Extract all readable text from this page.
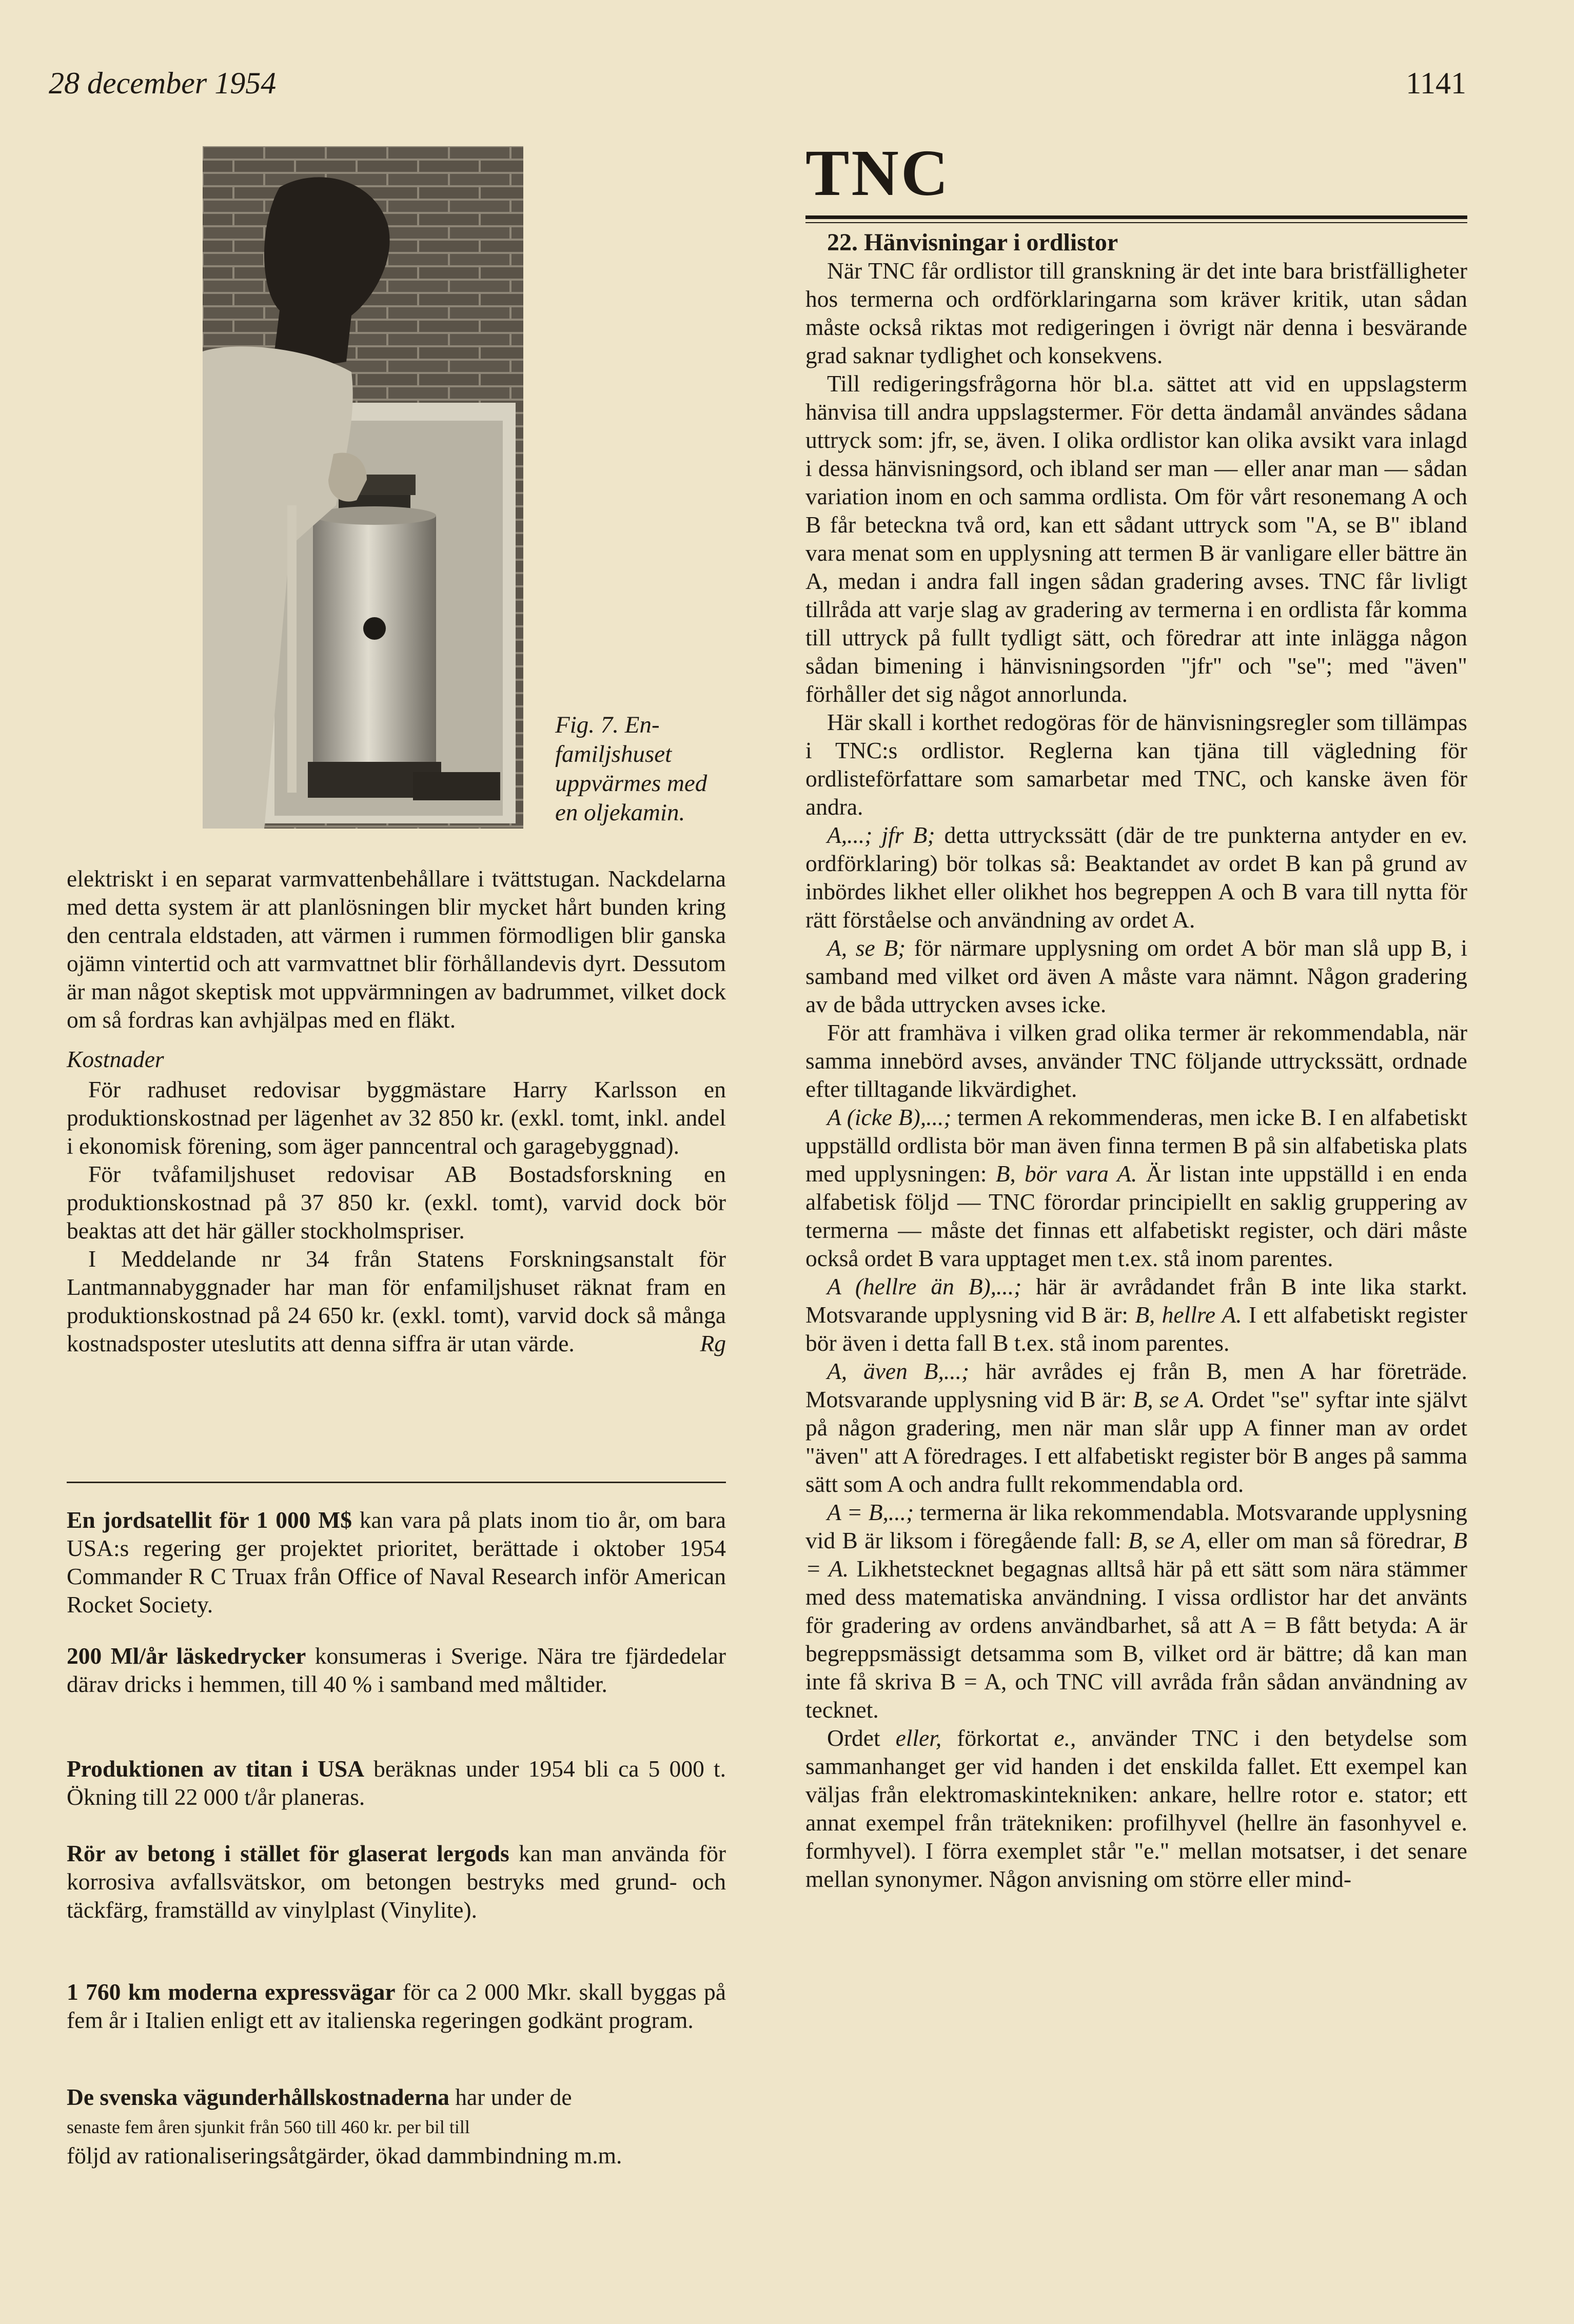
28 december 1954	1141
Fig. 7. En-
familjshuset
uppvärmes med
en oljekamin.

elektriskt i en separat varmvattenbehållare i tvättstugan. Nackdelarna med detta system är att planlösningen blir mycket hårt bunden kring den centrala eldstaden, att värmen i rummen förmodligen blir ganska ojämn vintertid och att varmvattnet blir förhållandevis dyrt. Dessutom är man något skeptisk mot uppvärmningen av badrummet, vilket dock om så fordras kan avhjälpas med en fläkt.

Kostnader

För radhuset redovisar byggmästare Harry Karlsson en produktionskostnad per lägenhet av 32 850 kr. (exkl. tomt, inkl. andel i ekonomisk förening, som äger panncentral och garagebyggnad).

För tvåfamiljshuset redovisar AB Bostadsforskning en produktionskostnad på 37 850 kr. (exkl. tomt), varvid dock bör beaktas att det här gäller stockholmspriser.

I Meddelande nr 34 från Statens Forskningsanstalt för Lantmannabyggnader har man för enfamiljshuset räknat fram en produktionskostnad på 24 650 kr. (exkl. tomt), varvid dock så många kostnadsposter uteslutits att denna siffra är utan värde.	Rg

En jordsatellit för 1 000 M$ kan vara på plats inom tio år, om bara USA:s regering ger projektet prioritet, berättade i oktober 1954 Commander R C Truax från Office of Naval Research inför American Rocket Society.
200 Ml/år läskedrycker konsumeras i Sverige. Nära tre fjärdedelar därav dricks i hemmen, till 40 % i samband med måltider.
Produktionen av titan i USA beräknas under 1954 bli ca 5 000 t. Ökning till 22 000 t/år planeras.
Rör av betong i stället för glaserat lergods kan man använda för korrosiva avfallsvätskor, om betongen bestryks med grund- och täckfärg, framställd av vinylplast (Vinylite).
1 760 km moderna expressvägar för ca 2 000 Mkr. skall byggas på fem år i Italien enligt ett av italienska regeringen godkänt program.
De svenska vägunderhållskostnaderna har under de
senaste fem åren sjunkit från 560 till 460 kr. per bil till
följd av rationaliseringsåtgärder, ökad dammbindning m.m.
TNC

22. Hänvisningar i ordlistor

När TNC får ordlistor till granskning är det inte bara bristfälligheter hos termerna och ordförklaringarna som kräver kritik, utan sådan måste också riktas mot redigeringen i övrigt när denna i besvärande grad saknar tydlighet och konsekvens.

Till redigeringsfrågorna hör bl.a. sättet att vid en uppslagsterm hänvisa till andra uppslagstermer. För detta ändamål användes sådana uttryck som: jfr, se, även. I olika ordlistor kan olika avsikt vara inlagd i dessa hänvisningsord, och ibland ser man — eller anar man — sådan variation inom en och samma ordlista. Om för vårt resonemang A och B får beteckna två ord, kan ett sådant uttryck som "A, se B" ibland vara menat som en upplysning att termen B är vanligare eller bättre än A, medan i andra fall ingen sådan gradering avses. TNC får livligt tillråda att varje slag av gradering av termerna i en ordlista får komma till uttryck på fullt tydligt sätt, och föredrar att inte inlägga någon sådan bimening i hänvisningsorden "jfr" och "se"; med "även" förhåller det sig något annorlunda.

Här skall i korthet redogöras för de hänvisningsregler som tillämpas i TNC:s ordlistor. Reglerna kan tjäna till vägledning för ordlisteförfattare som samarbetar med TNC, och kanske även för andra.

A,...; jfr B; detta uttryckssätt (där de tre punkterna antyder en ev. ordförklaring) bör tolkas så: Beaktandet av ordet B kan på grund av inbördes likhet eller olikhet hos begreppen A och B vara till nytta för rätt förståelse och användning av ordet A.

A, se B; för närmare upplysning om ordet A bör man slå upp B, i samband med vilket ord även A måste vara nämnt. Någon gradering av de båda uttrycken avses icke.

För att framhäva i vilken grad olika termer är rekommendabla, när samma innebörd avses, använder TNC följande uttryckssätt, ordnade efter tilltagande likvärdighet.

A (icke B),...; termen A rekommenderas, men icke B. I en alfabetiskt uppställd ordlista bör man även finna termen B på sin alfabetiska plats med upplysningen: B, bör vara A. Är listan inte uppställd i en enda alfabetisk följd — TNC förordar principiellt en saklig gruppering av termerna — måste det finnas ett alfabetiskt register, och däri måste också ordet B vara upptaget men t.ex. stå inom parentes.

A (hellre än B),...; här är avrådandet från B inte lika starkt. Motsvarande upplysning vid B är: B, hellre A. I ett alfabetiskt register bör även i detta fall B t.ex. stå inom parentes.

A, även B,...; här avrådes ej från B, men A har företräde. Motsvarande upplysning vid B är: B, se A. Ordet "se" syftar inte självt på någon gradering, men när man slår upp A finner man av ordet "även" att A föredrages. I ett alfabetiskt register bör B anges på samma sätt som A och andra fullt rekommendabla ord.

A = B,...; termerna är lika rekommendabla. Motsvarande upplysning vid B är liksom i föregående fall: B, se A, eller om man så föredrar, B = A. Likhetstecknet begagnas alltså här på ett sätt som nära stämmer med dess matematiska användning. I vissa ordlistor har det använts för gradering av ordens användbarhet, så att A = B fått betyda: A är begreppsmässigt detsamma som B, vilket ord är bättre; då kan man inte få skriva B = A, och TNC vill avråda från sådan användning av tecknet.

Ordet eller, förkortat e., använder TNC i den betydelse som sammanhanget ger vid handen i det enskilda fallet. Ett exempel kan väljas från elektromaskintekniken: ankare, hellre rotor e. stator; ett annat exempel från trätekniken: profilhyvel (hellre än fasonhyvel e. formhyvel). I förra exemplet står "e." mellan motsatser, i det senare mellan synonymer. Någon anvisning om större eller mind-
